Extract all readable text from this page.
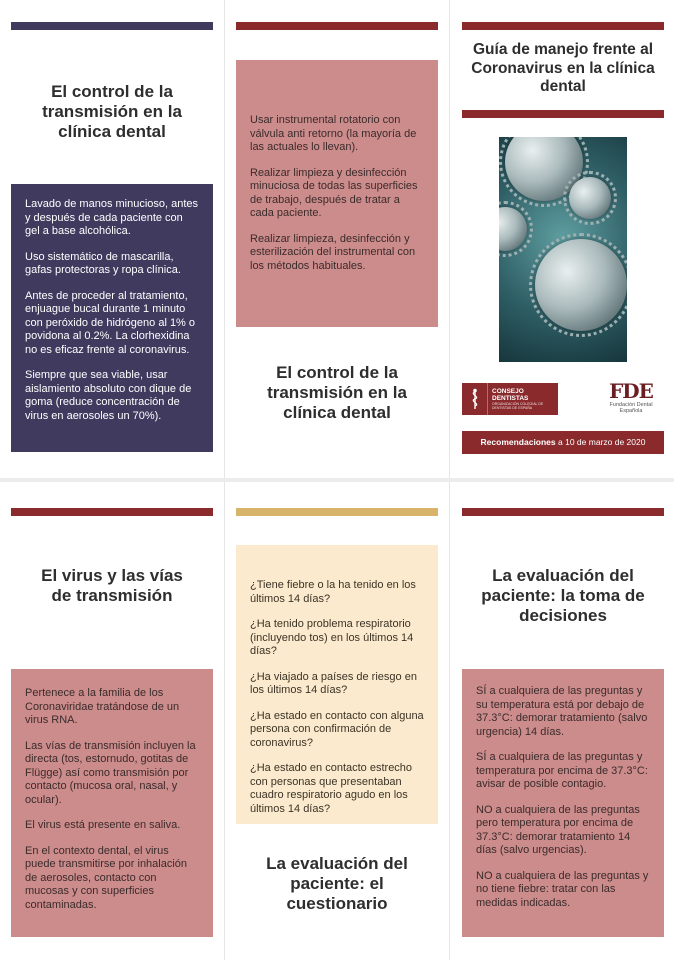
El control de la transmisión en la clínica dental

Lavado de manos minucioso, antes y después de cada paciente con gel a base alcohólica.

Uso sistemático de mascarilla, gafas protectoras y ropa clínica.

Antes de proceder al tratamiento, enjuague bucal durante 1 minuto con peróxido de hidrógeno al 1% o povidona al 0.2%. La clorhexidina no es eficaz frente al coronavirus.

Siempre que sea viable, usar aislamiento absoluto con dique de goma (reduce concentración de virus en aerosoles un 70%).

Usar instrumental rotatorio con válvula anti retorno (la mayoría de las actuales lo llevan).

Realizar limpieza y desinfección minuciosa de todas las superficies de trabajo, después de tratar a cada paciente.

Realizar limpieza, desinfección y esterilización del instrumental con los métodos habituales.

El control de la transmisión en la clínica dental
Guía de manejo frente al Coronavirus en la clínica dental
CONSEJO DENTISTAS
ORGANIZACIÓN COLEGIAL DE DENTISTAS DE ESPAÑA
FDE
Fundación Dental Española
Recomendaciones a 10 de marzo de 2020
El virus y las vías de transmisión

Pertenece a la familia de los Coronaviridae tratándose de un virus RNA.

Las vías de transmisión incluyen la directa (tos, estornudo, gotitas de Flügge) así como transmisión por contacto (mucosa oral, nasal, y ocular).

El virus está presente en saliva.

En el contexto dental, el virus puede transmitirse por inhalación de aerosoles, contacto con mucosas y con superficies contaminadas.

¿Tiene fiebre o la ha tenido en los últimos 14 días?

¿Ha tenido problema respiratorio (incluyendo tos) en los últimos 14 días?

¿Ha viajado a países de riesgo en los últimos 14 días?

¿Ha estado en contacto con alguna persona con confirmación de coronavirus?

¿Ha estado en contacto estrecho con personas que presentaban cuadro respiratorio agudo en los últimos 14 días?

La evaluación del paciente: el cuestionario
La evaluación del paciente: la toma de decisiones

SÍ a cualquiera de las preguntas y su temperatura está por debajo de 37.3°C: demorar tratamiento (salvo urgencia) 14 días.

SÍ a cualquiera de las preguntas y temperatura por encima de 37.3°C: avisar de posible contagio.

NO a cualquiera de las preguntas pero temperatura por encima de 37.3°C: demorar tratamiento 14 días (salvo urgencias).

NO a cualquiera de las preguntas y no tiene fiebre: tratar con las medidas indicadas.
